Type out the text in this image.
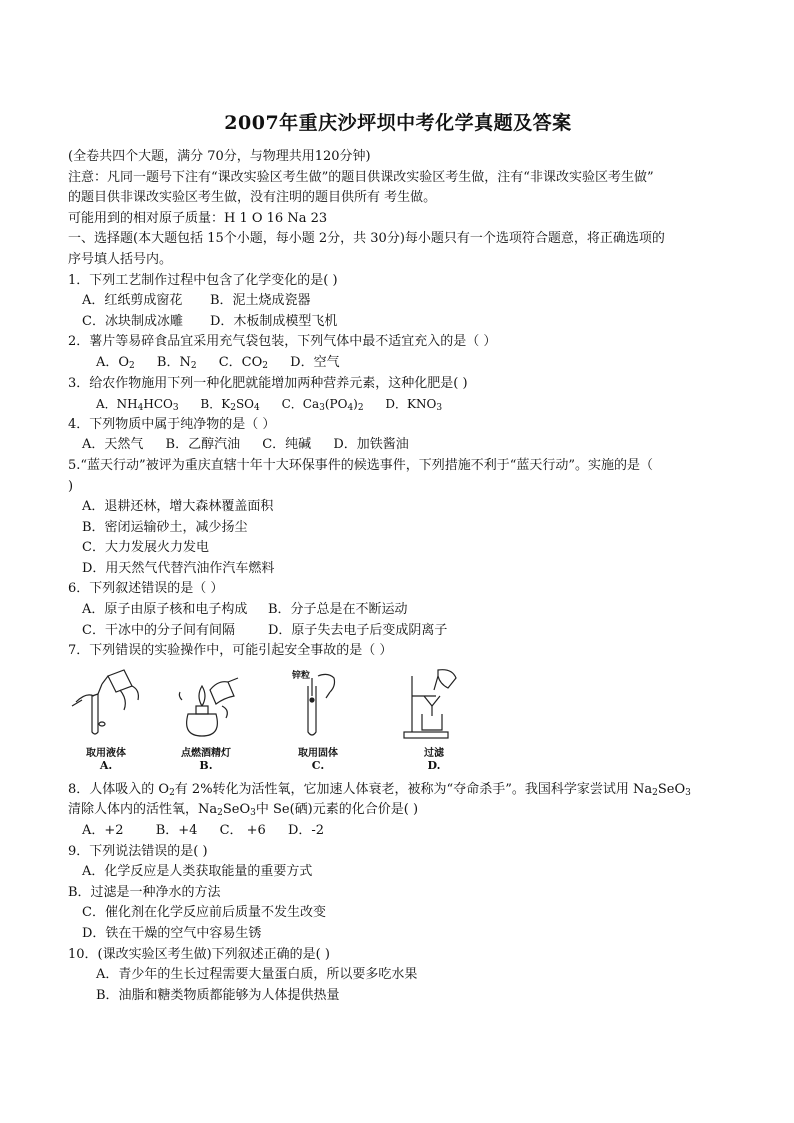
2007年重庆沙坪坝中考化学真题及答案
(全卷共四个大题，满分 70分，与物理共用120分钟)
注意：凡同一题号下注有“课改实验区考生做”的题目供课改实验区考生做，注有“非课改实验区考生做”
的题目供非课改实验区考生做，没有注明的题目供所有 考生做。
可能用到的相对原子质量：H 1 O 16 Na 23
一、选择题(本大题包括 15个小题，每小题 2分，共 30分)每小题只有一个选项符合题意，将正确选项的
序号填人括号内。
1．下列工艺制作过程中包含了化学变化的是( )
A．红纸剪成窗花	B．泥土烧成瓷器
C．冰块制成冰雕	D．木板制成模型飞机
2．薯片等易碎食品宜采用充气袋包装，下列气体中最不适宜充入的是（ ）
A．$O_2$ B．$N_2$ C．$CO_2$ D．空气
3．给农作物施用下列一种化肥就能增加两种营养元素，这种化肥是( )
A．$NH_4HCO_3$ B．$K_2SO_4$ C．$Ca_3(PO_4)_2$ D．$KNO_3$
4．下列物质中属于纯净物的是（ ）
A．天然气 B．乙醇汽油 C．纯碱 D．加铁酱油
5.“蓝天行动”被评为重庆直辖十年十大环保事件的候选事件，下列措施不利于“蓝天行动”。实施的是（
)
A．退耕还林，增大森林覆盖面积
B．密闭运输砂土，减少扬尘
C．大力发展火力发电
D．用天然气代替汽油作汽车燃料
6．下列叙述错误的是（ ）
A．原子由原子核和电子构成	B．分子总是在不断运动
C．干冰中的分子间有间隔	D．原子失去电子后变成阴离子
7．下列错误的实验操作中，可能引起安全事故的是（ ）
取用液体
A.
点燃酒精灯
B.
锌粒
取用固体
C.
过滤
D.
8．人体吸入的 $O_2$有 2%转化为活性氧，它加速人体衰老，被称为“夺命杀手”。我国科学家尝试用 $Na_2SeO_3$
清除人体内的活性氧，$Na_2SeO_3$中 Se(硒)元素的化合价是( )
A．+2 B．+4 C． +6 D．-2
9．下列说法错误的是( )
A．化学反应是人类获取能量的重要方式
B．过滤是一种净水的方法
C．催化剂在化学反应前后质量不发生改变
D．铁在干燥的空气中容易生锈
10．(课改实验区考生做)下列叙述正确的是( )
A．青少年的生长过程需要大量蛋白质，所以要多吃水果
B．油脂和糖类物质都能够为人体提供热量
